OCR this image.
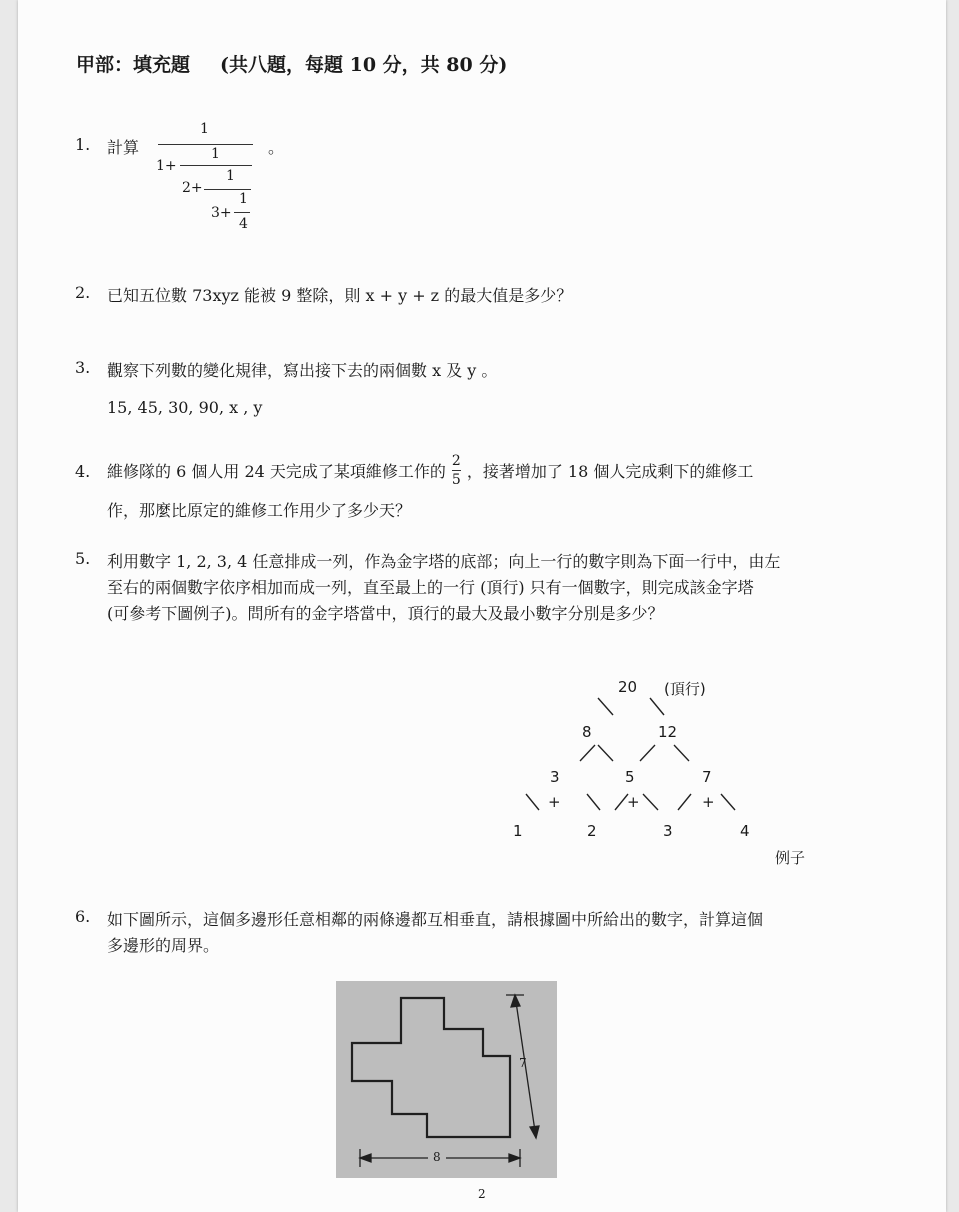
甲部：填充題 (共八題，每題 10 分，共 80 分)
1. 計算
1
1+
1
2+
1
3+
1
4
。
2. 已知五位數 73xyz 能被 9 整除，則 x + y + z 的最大值是多少？
3. 觀察下列數的變化規律，寫出接下去的兩個數 x 及 y 。
15, 45, 30, 90, x , y
4. 維修隊的 6 個人用 24 天完成了某項維修工作的 $\frac{2}{5}$ ，接著增加了 18 個人完成剩下的維修工
作，那麼比原定的維修工作用少了多少天？
5. 利用數字 1, 2, 3, 4 任意排成一列，作為金字塔的底部；向上一行的數字則為下面一行中，由左
至右的兩個數字依序相加而成一列，直至最上的一行 (頂行) 只有一個數字，則完成該金字塔
(可參考下圖例子)。問所有的金字塔當中，頂行的最大及最小數字分別是多少？
20 (頂行)
8	12
3	5	7
1	2	3	4
+	+	+
例子
6. 如下圖所示，這個多邊形任意相鄰的兩條邊都互相垂直，請根據圖中所給出的數字，計算這個
多邊形的周界。
7
8
2
